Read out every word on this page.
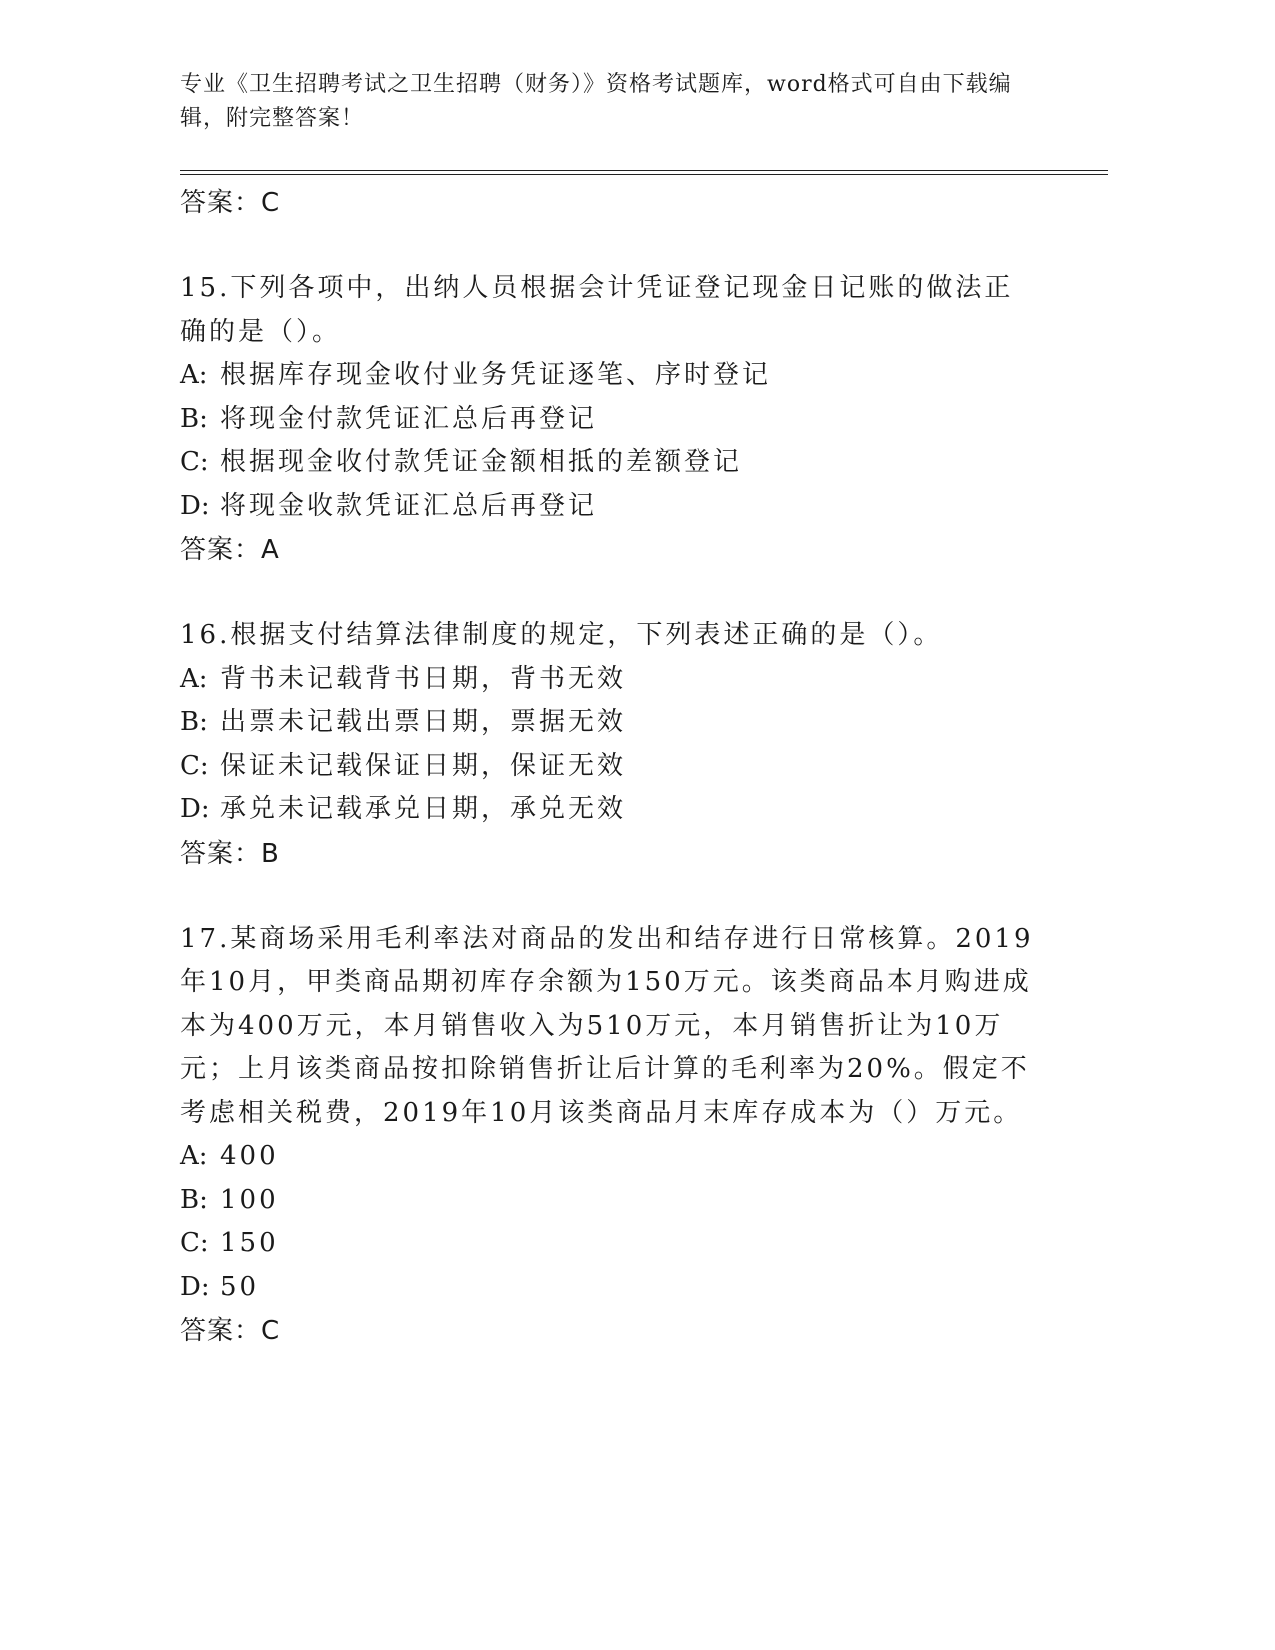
专业《卫生招聘考试之卫生招聘（财务）》资格考试题库，word格式可自由下载编辑，附完整答案！
答案：C

15.下列各项中，出纳人员根据会计凭证登记现金日记账的做法正确的是（）。

A: 根据库存现金收付业务凭证逐笔、序时登记
B: 将现金付款凭证汇总后再登记
C: 根据现金收付款凭证金额相抵的差额登记
D: 将现金收款凭证汇总后再登记
答案：A

16.根据支付结算法律制度的规定，下列表述正确的是（）。

A: 背书未记载背书日期，背书无效
B: 出票未记载出票日期，票据无效
C: 保证未记载保证日期，保证无效
D: 承兑未记载承兑日期，承兑无效
答案：B

17.某商场采用毛利率法对商品的发出和结存进行日常核算。2019年10月，甲类商品期初库存余额为150万元。该类商品本月购进成本为400万元，本月销售收入为510万元，本月销售折让为10万元；上月该类商品按扣除销售折让后计算的毛利率为20%。假定不考虑相关税费，2019年10月该类商品月末库存成本为（）万元。

A: 400
B: 100
C: 150
D: 50
答案：C
